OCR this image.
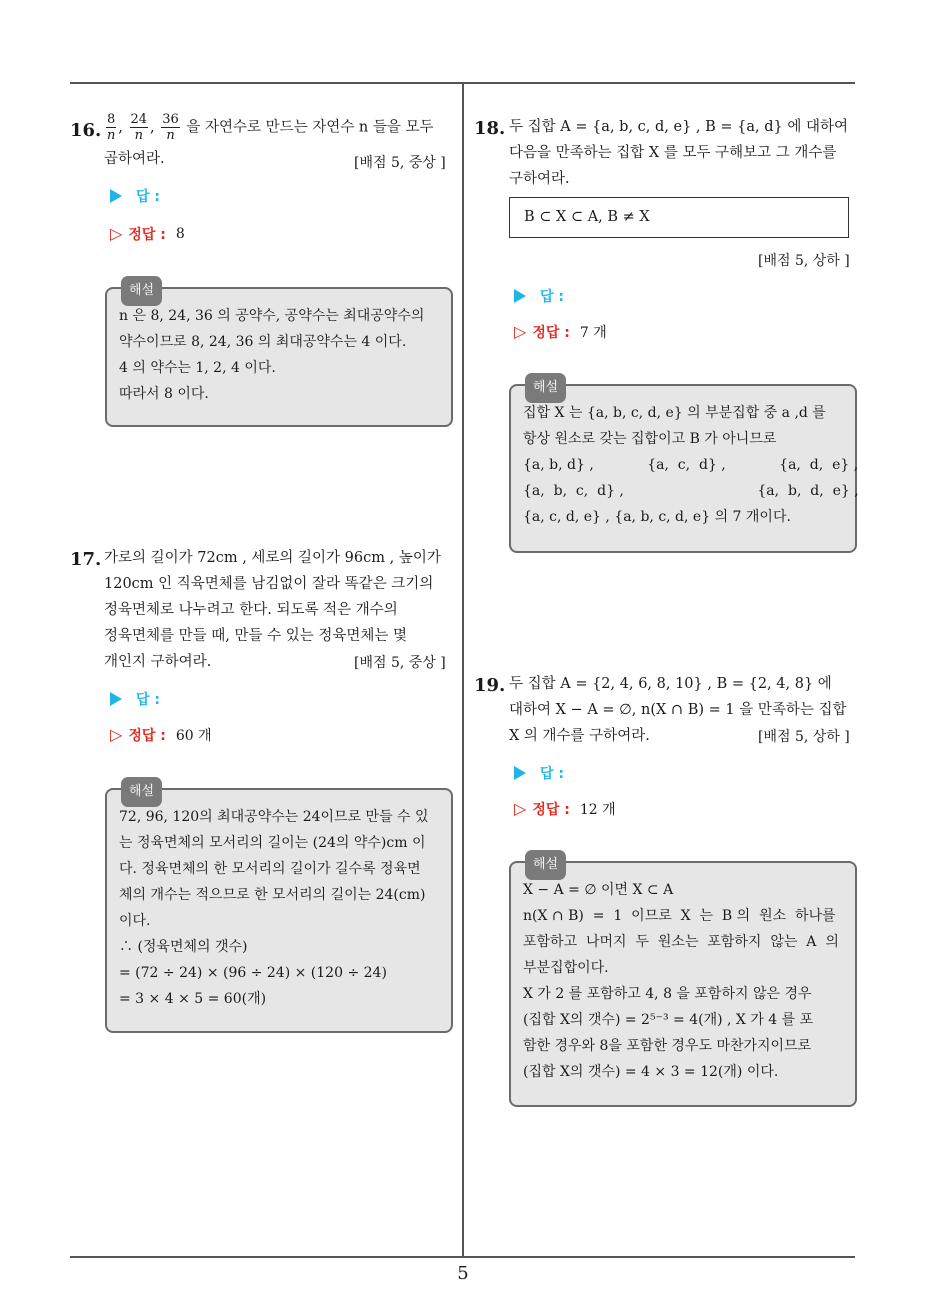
16. $\frac{8}{n}$ , $\frac{24}{n}$ , $\frac{36}{n}$ 을 자연수로 만드는 자연수 n 들을 모두
곱하여라.	[배점 5, 중상 ]
답 :
▷ 정답 : 8
해설
n 은 8, 24, 36 의 공약수, 공약수는 최대공약수의
약수이므로 8, 24, 36 의 최대공약수는 4 이다.
4 의 약수는 1, 2, 4 이다.
따라서 8 이다.
17. 가로의 길이가 72cm , 세로의 길이가 96cm , 높이가
120cm 인 직육면체를 남김없이 잘라 똑같은 크기의
정육면체로 나누려고 한다. 되도록 적은 개수의
정육면체를 만들 때, 만들 수 있는 정육면체는 몇
개인지 구하여라.	[배점 5, 중상 ]
답 :
▷ 정답 : 60 개
해설
72, 96, 120의 최대공약수는 24이므로 만들 수 있
는 정육면체의 모서리의 길이는 (24의 약수)cm 이
다. 정육면체의 한 모서리의 길이가 길수록 정육면
체의 개수는 적으므로 한 모서리의 길이는 24(cm)
이다.
∴ (정육면체의 갯수)
= (72 ÷ 24) × (96 ÷ 24) × (120 ÷ 24)
= 3 × 4 × 5 = 60(개)
18. 두 집합 A = {a, b, c, d, e} , B = {a, d} 에 대하여
다음을 만족하는 집합 X 를 모두 구해보고 그 개수를
구하여라.
B ⊂ X ⊂ A, B ≠ X
[배점 5, 상하 ]
답 :
▷ 정답 : 7 개
해설
집합 X 는 {a, b, c, d, e} 의 부분집합 중 a ,d 를
항상 원소로 갖는 집합이고 B 가 아니므로
{a, b, d} ,            {a,  c,  d} ,            {a,  d,  e} ,
{a,  b,  c,  d} ,                              {a,  b,  d,  e} ,
{a, c, d, e} , {a, b, c, d, e} 의 7 개이다.
19. 두 집합 A = {2, 4, 6, 8, 10} , B = {2, 4, 8} 에
대하여 X − A = ∅, n(X ∩ B) = 1 을 만족하는 집합
X 의 개수를 구하여라.	[배점 5, 상하 ]
답 :
▷ 정답 : 12 개
해설
X − A = ∅ 이면 X ⊂ A
n(X ∩ B)  =  1  이므로  X  는  B 의  원소  하나를
포함하고  나머지  두  원소는  포함하지  않는  A  의
부분집합이다.
X 가 2 를 포함하고 4, 8 을 포함하지 않은 경우
(집합 X의 갯수) = 2⁵⁻³ = 4(개) , X 가 4 를 포
함한 경우와 8을 포함한 경우도 마찬가지이므로
(집합 X의 갯수) = 4 × 3 = 12(개) 이다.
5
